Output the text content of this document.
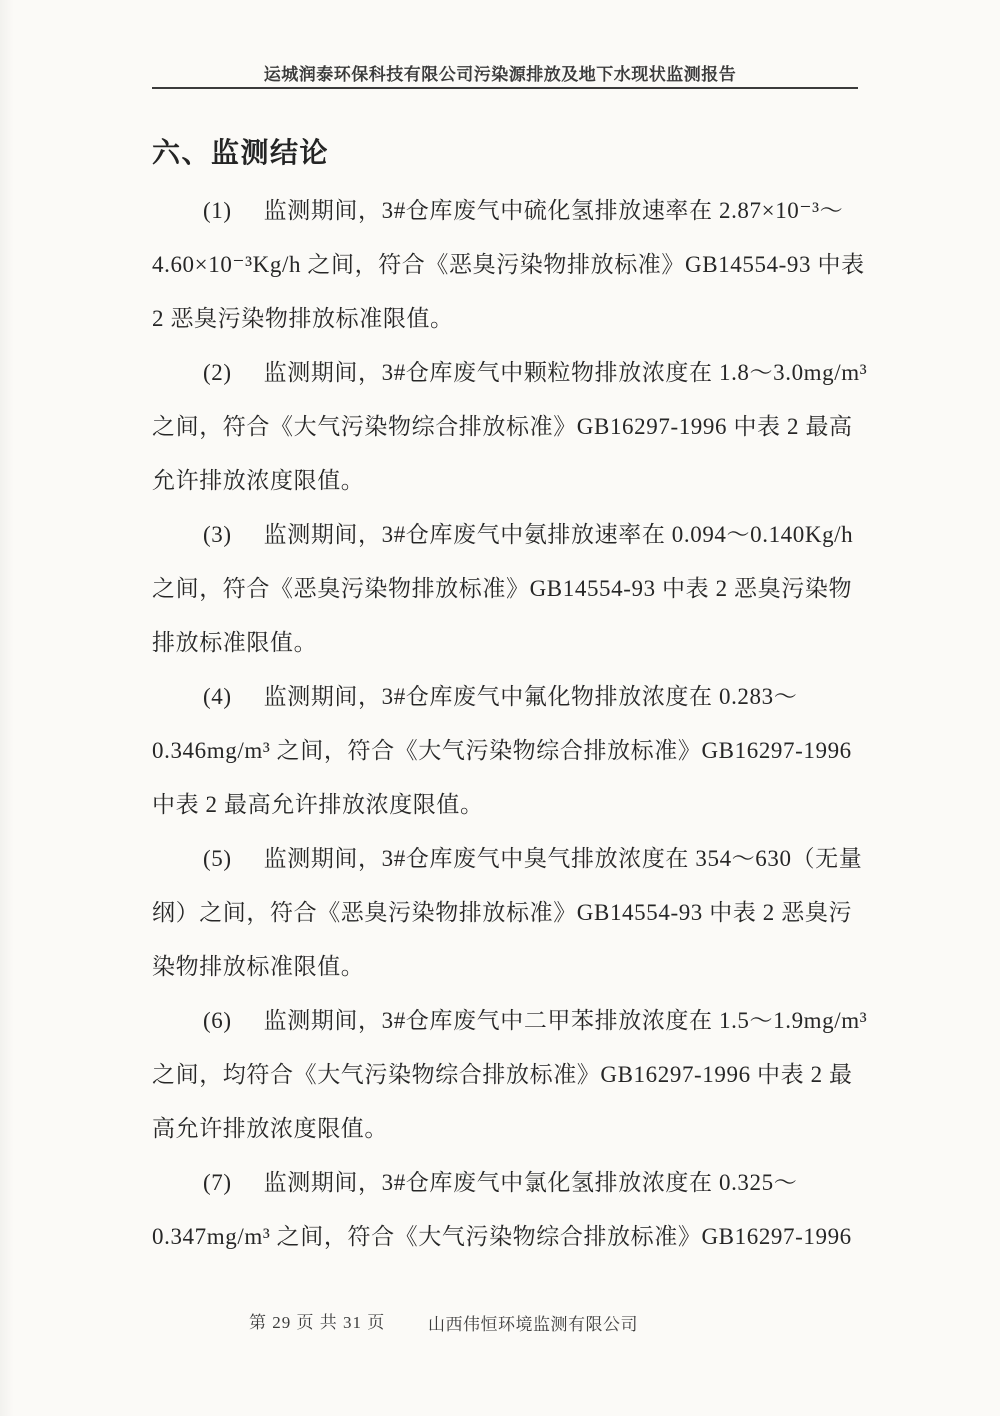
运城润泰环保科技有限公司污染源排放及地下水现状监测报告
六、监测结论
(1) 监测期间，3#仓库废气中硫化氢排放速率在 2.87×10⁻³～
4.60×10⁻³Kg/h 之间，符合《恶臭污染物排放标准》GB14554-93 中表
2 恶臭污染物排放标准限值。
(2) 监测期间，3#仓库废气中颗粒物排放浓度在 1.8～3.0mg/m³
之间，符合《大气污染物综合排放标准》GB16297-1996 中表 2 最高
允许排放浓度限值。
(3) 监测期间，3#仓库废气中氨排放速率在 0.094～0.140Kg/h
之间，符合《恶臭污染物排放标准》GB14554-93 中表 2 恶臭污染物
排放标准限值。
(4) 监测期间，3#仓库废气中氟化物排放浓度在 0.283～
0.346mg/m³ 之间，符合《大气污染物综合排放标准》GB16297-1996
中表 2 最高允许排放浓度限值。
(5) 监测期间，3#仓库废气中臭气排放浓度在 354～630（无量
纲）之间，符合《恶臭污染物排放标准》GB14554-93 中表 2 恶臭污
染物排放标准限值。
(6) 监测期间，3#仓库废气中二甲苯排放浓度在 1.5～1.9mg/m³
之间，均符合《大气污染物综合排放标准》GB16297-1996 中表 2 最
高允许排放浓度限值。
(7) 监测期间，3#仓库废气中氯化氢排放浓度在 0.325～
0.347mg/m³ 之间，符合《大气污染物综合排放标准》GB16297-1996
第 29 页 共 31 页	山西伟恒环境监测有限公司
